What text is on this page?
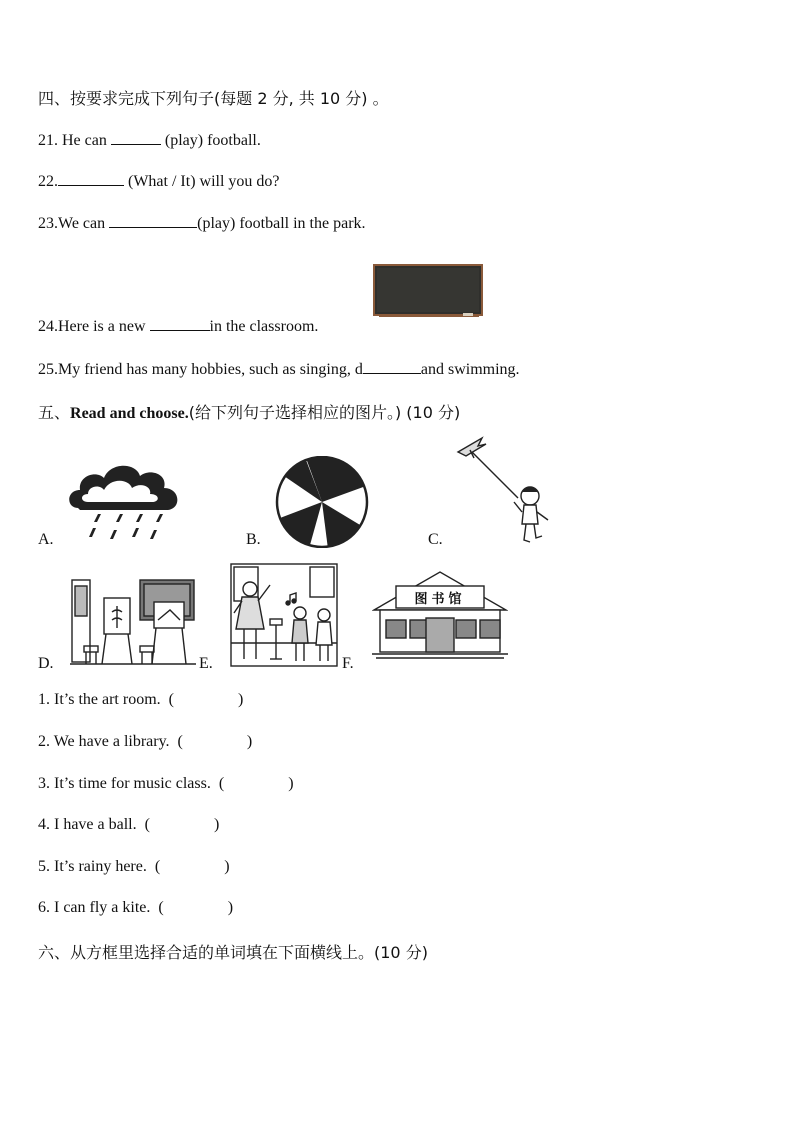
四、按要求完成下列句子(每题 2 分, 共 10 分) 。
21. He can	(play) football.
22.	(What / It) will you do?
23.We can	(play) football in the park.
24.Here is a new	in the classroom.
25.My friend has many hobbies, such as singing, d	and swimming.
五、Read and choose.(给下列句子选择相应的图片。) (10 分)
A.	B.	C.
D.	E.
图书馆
F.
1. It’s the art room. (                )
2. We have a library. (                )
3. It’s time for music class. (                )
4. I have a ball. (                )
5. It’s rainy here. (                )
6. I can fly a kite. (                )
六、从方框里选择合适的单词填在下面横线上。(10 分)
